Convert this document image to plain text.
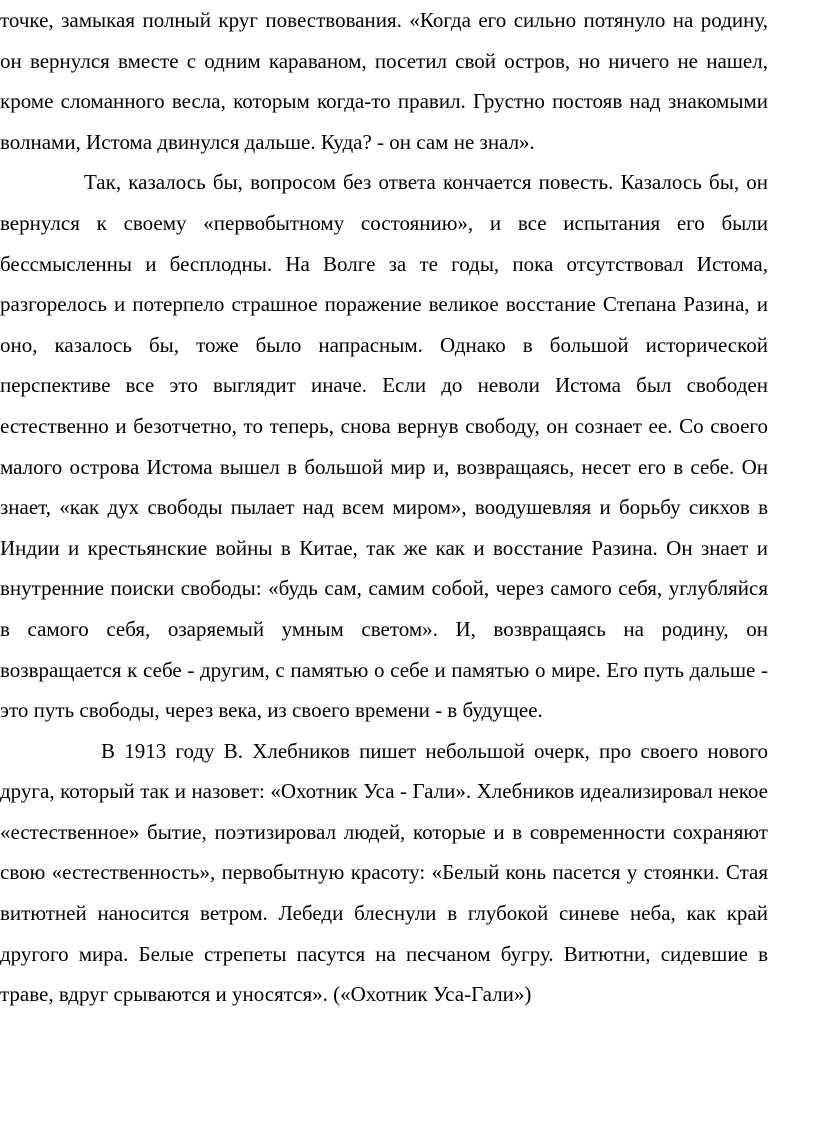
точке, замыкая полный круг повествования. «Когда его сильно потянуло на родину, он вернулся вместе с одним караваном, посетил свой остров, но ничего не нашел, кроме сломанного весла, которым когда-то правил. Грустно постояв над знакомыми волнами, Истома двинулся дальше. Куда? - он сам не знал».

Так, казалось бы, вопросом без ответа кончается повесть. Казалось бы, он вернулся к своему «первобытному состоянию», и все испытания его были бессмысленны и бесплодны. На Волге за те годы, пока отсутствовал Истома, разгорелось и потерпело страшное поражение великое восстание Степана Разина, и оно, казалось бы, тоже было напрасным. Однако в большой исторической перспективе все это выглядит иначе. Если до неволи Истома был свободен естественно и безотчетно, то теперь, снова вернув свободу, он сознает ее. Со своего малого острова Истома вышел в большой мир и, возвращаясь, несет его в себе. Он знает, «как дух свободы пылает над всем миром», воодушевляя и борьбу сикхов в Индии и крестьянские войны в Китае, так же как и восстание Разина. Он знает и внутренние поиски свободы: «будь сам, самим собой, через самого себя, углубляйся в самого себя, озаряемый умным светом». И, возвращаясь на родину, он возвращается к себе - другим, с памятью о себе и памятью о мире. Его путь дальше - это путь свободы, через века, из своего времени - в будущее.

В 1913 году В. Хлебников пишет небольшой очерк, про своего нового друга, который так и назовет: «Охотник Уса - Гали». Хлебников идеализировал некое «естественное» бытие, поэтизировал людей, которые и в современности сохраняют свою «естественность», первобытную красоту: «Белый конь пасется у стоянки. Стая витютней наносится ветром. Лебеди блеснули в глубокой синеве неба, как край другого мира. Белые стрепеты пасутся на песчаном бугру. Витютни, сидевшие в траве, вдруг срываются и уносятся». («Охотник Уса-Гали»)
